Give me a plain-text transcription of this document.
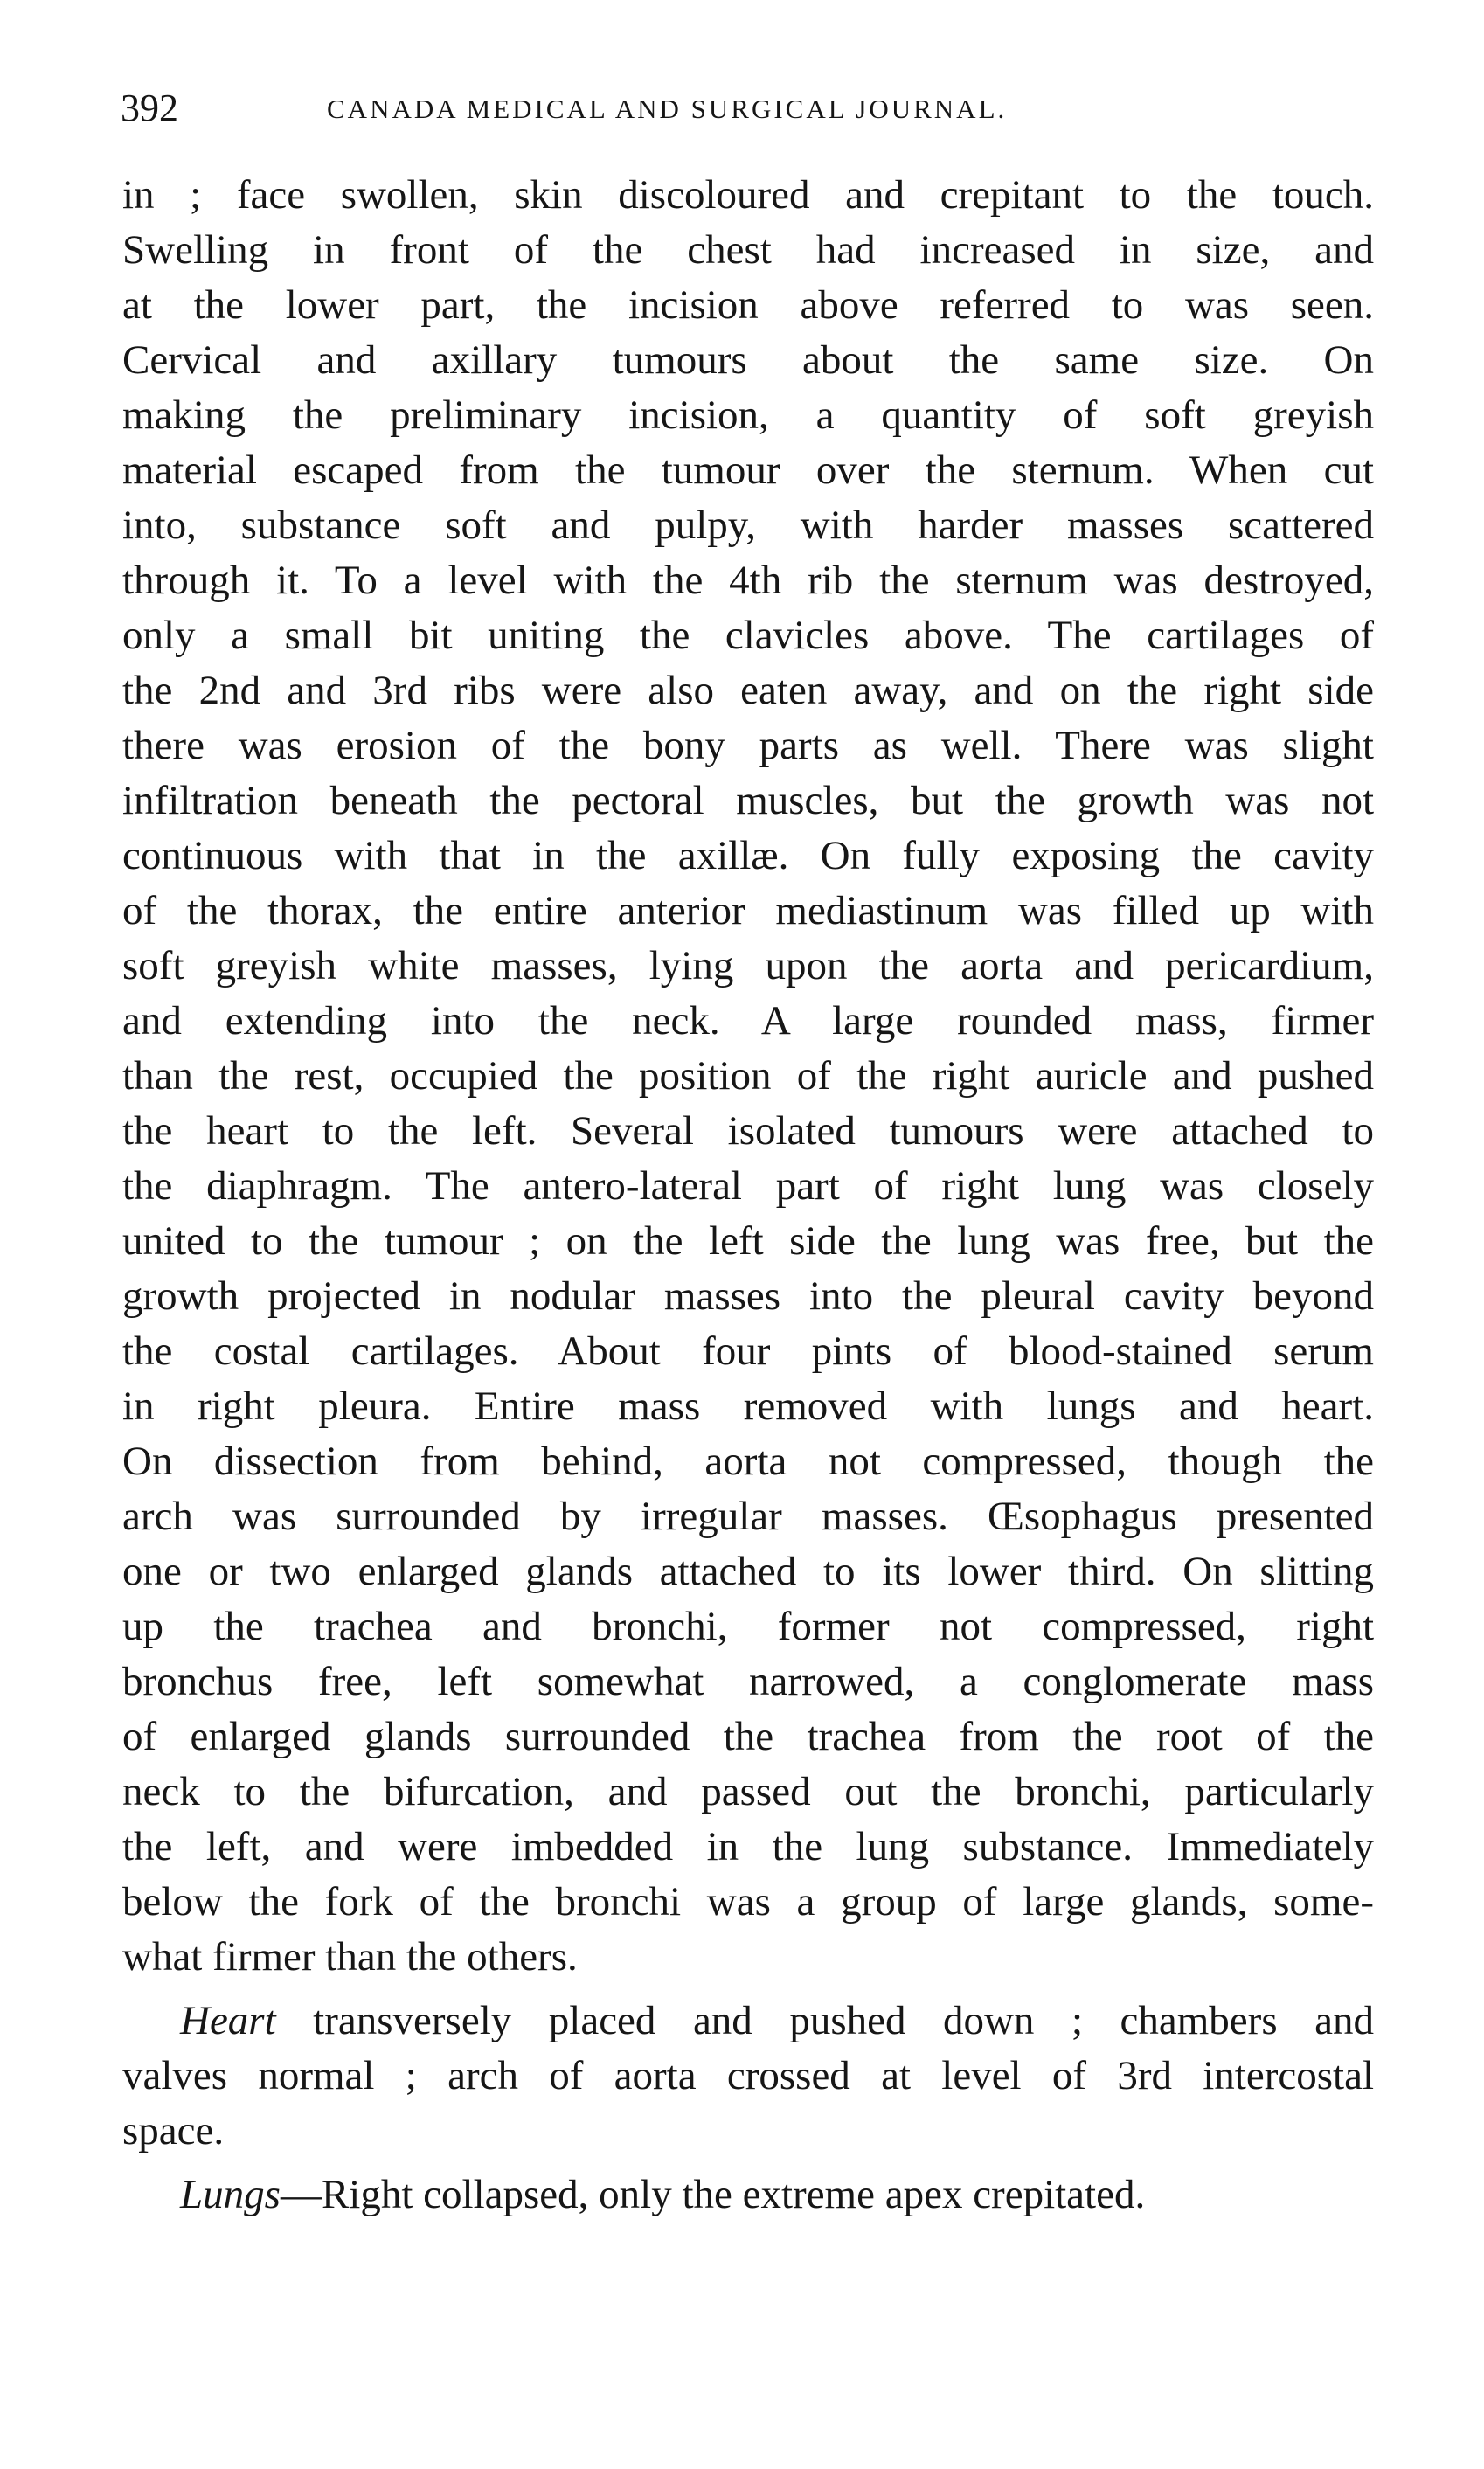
392	CANADA MEDICAL AND SURGICAL JOURNAL.
in ; face swollen, skin discoloured and crepitant to the touch.
Swelling in front of the chest had increased in size, and
at the lower part, the incision above referred to was seen.
Cervical and axillary tumours about the same size. On
making the preliminary incision, a quantity of soft greyish
material escaped from the tumour over the sternum. When cut
into, substance soft and pulpy, with harder masses scattered
through it. To a level with the 4th rib the sternum was destroyed,
only a small bit uniting the clavicles above. The cartilages of
the 2nd and 3rd ribs were also eaten away, and on the right side
there was erosion of the bony parts as well. There was slight
infiltration beneath the pectoral muscles, but the growth was not
continuous with that in the axillæ. On fully exposing the cavity
of the thorax, the entire anterior mediastinum was filled up with
soft greyish white masses, lying upon the aorta and pericardium,
and extending into the neck. A large rounded mass, firmer
than the rest, occupied the position of the right auricle and pushed
the heart to the left. Several isolated tumours were attached to
the diaphragm. The antero-lateral part of right lung was closely
united to the tumour ; on the left side the lung was free, but the
growth projected in nodular masses into the pleural cavity beyond
the costal cartilages. About four pints of blood-stained serum
in right pleura. Entire mass removed with lungs and heart.
On dissection from behind, aorta not compressed, though the
arch was surrounded by irregular masses. Œsophagus presented
one or two enlarged glands attached to its lower third. On slitting
up the trachea and bronchi, former not compressed, right
bronchus free, left somewhat narrowed, a conglomerate mass
of enlarged glands surrounded the trachea from the root of the
neck to the bifurcation, and passed out the bronchi, particularly
the left, and were imbedded in the lung substance. Immediately
below the fork of the bronchi was a group of large glands, some-
what firmer than the others.
Heart transversely placed and pushed down ; chambers and
valves normal ; arch of aorta crossed at level of 3rd intercostal
space.
Lungs—Right collapsed, only the extreme apex crepitated.
